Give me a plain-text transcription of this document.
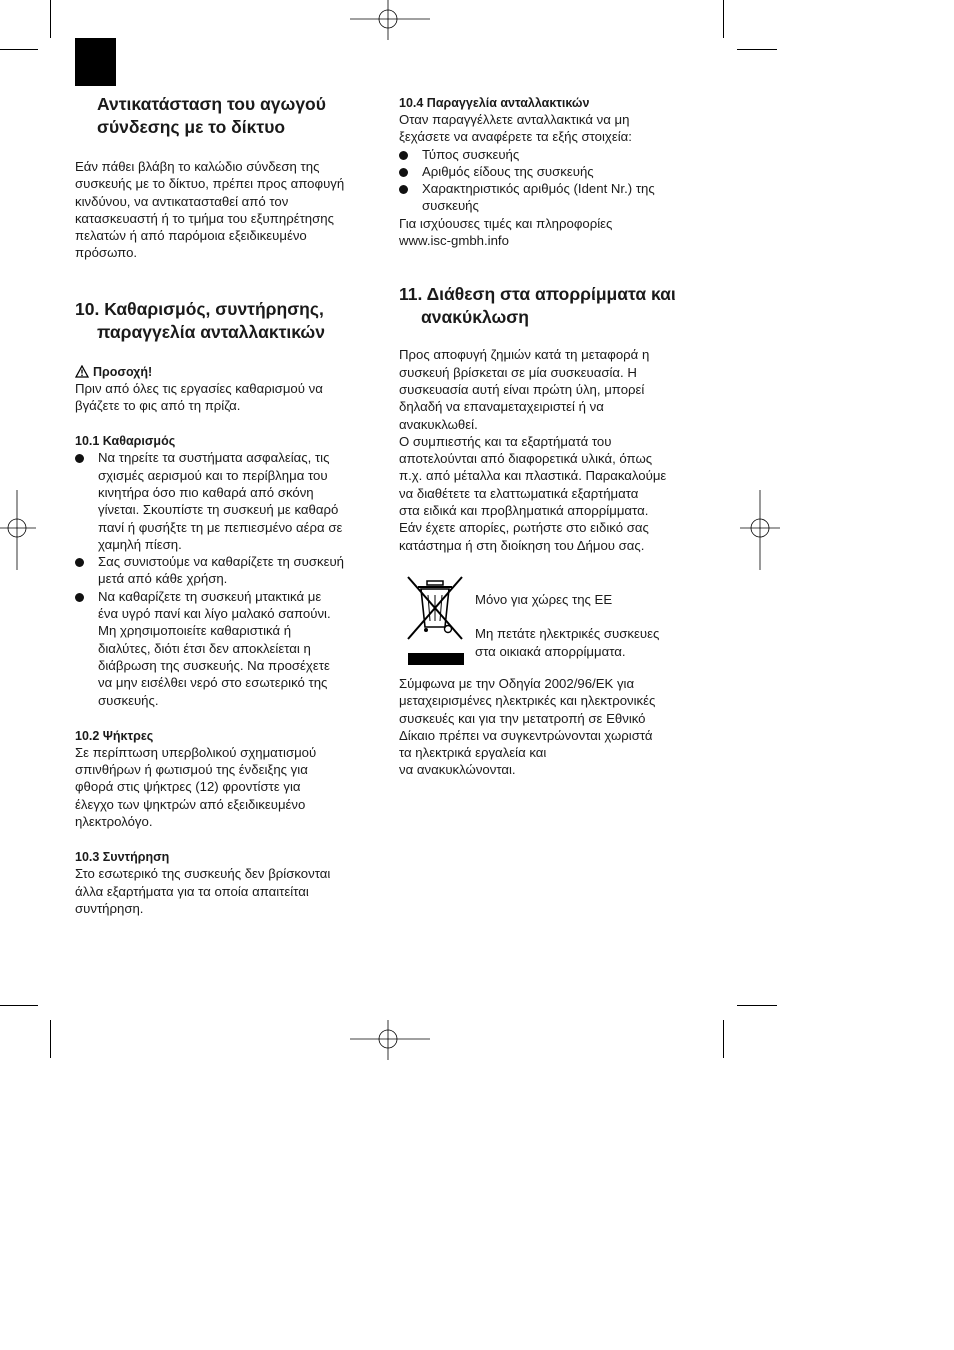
Αντικατάσταση του αγωγού
σύνδεσης με το δίκτυο
Εάν πάθει βλάβη το καλώδιο σύνδεση της
συσκευής με το δίκτυο, πρέπει προς αποφυγή
κινδύνου, να αντικατασταθεί από τον
κατασκευαστή ή το τμήμα του εξυπηρέτησης
πελατών ή από παρόμοια εξειδικευμένο
πρόσωπο.
10. Καθαρισμός, συντήρησης,
παραγγελία ανταλλακτικών
Προσοχή!
Πριν από όλες τις εργασίες καθαρισμού να
βγάζετε το φις από τη πρίζα.
10.1 Καθαρισμός
Να τηρείτε τα συστήματα ασφαλείας, τις
σχισμές αερισμού και το περίβλημα του
κινητήρα όσο πιο καθαρά από σκόνη
γίνεται. Σκουπίστε τη συσκευή με καθαρό
πανί ή φυσήξτε τη με πεπιεσμένο αέρα σε
χαμηλή πίεση.
Σας συνιστούμε να καθαρίζετε τη συσκευή
μετά από κάθε χρήση.
Να καθαρίζετε τη συσκευή μτακτικά με
ένα υγρό πανί και λίγο μαλακό σαπούνι.
Μη χρησιμοποιείτε καθαριστικά ή
διαλύτες, διότι έτσι δεν αποκλείεται η
διάβρωση της συσκευής. Να προσέχετε
να μην εισέλθει νερό στο εσωτερικό της
συσκευής.
10.2 Ψήκτρες
Σε περίπτωση υπερβολικού σχηματισμού
σπινθήρων ή φωτισμού της ένδειξης για
φθορά στις ψήκτρες (12) φροντίστε για
έλεγχο των ψηκτρών από εξειδικευμένο
ηλεκτρολόγο.
10.3 Συντήρηση
Στο εσωτερικό της συσκευής δεν βρίσκονται
άλλα εξαρτήματα για τα οποία απαιτείται
συντήρηση.
10.4 Παραγγελία ανταλλακτικών
Οταν παραγγέλλετε ανταλλακτικά να μη
ξεχάσετε να αναφέρετε τα εξής στοιχεία:
Τύπος συσκευής
Αριθμός είδους της συσκευής
Χαρακτηριστικός αριθμός (Ident Nr.) της
συσκευής
Για ισχύουσες τιμές και πληροφορίες
www.isc-gmbh.info
11. Διάθεση στα απορρίμματα και
ανακύκλωση
Προς αποφυγή ζημιών κατά τη μεταφορά η
συσκευή βρίσκεται σε μία συσκευασία. Η
συσκευασία αυτή είναι πρώτη ύλη, μπορεί
δηλαδή να επαναμεταχειριστεί ή να
ανακυκλωθεί.
Ο συμπιεστής και τα εξαρτήματά του
αποτελούνται από διαφορετικά υλικά, όπως
π.χ. από μέταλλα και πλαστικά. Παρακαλούμε
να διαθέτετε τα ελαττωματικά εξαρτήματα
στα ειδικά και προβληματικά απορρίμματα.
Εάν έχετε απορίες, ρωτήστε στο ειδικό σας
κατάστημα ή στη διοίκηση του Δήμου σας.
Σύμφωνα με την Οδηγία 2002/96/ΕΚ για
μεταχειρισμένες ηλεκτρικές και ηλεκτρονικές
συσκευές και για την μετατροπή σε Εθνικό
Δίκαιο πρέπει να συγκεντρώνονται χωριστά
τα ηλεκτρικά εργαλεία και
να ανακυκλώνονται.
Μόνο για χώρες της ΕΕ
Μη πετάτε ηλεκτρικές συσκευες
στα οικιακά απορρίμματα.
